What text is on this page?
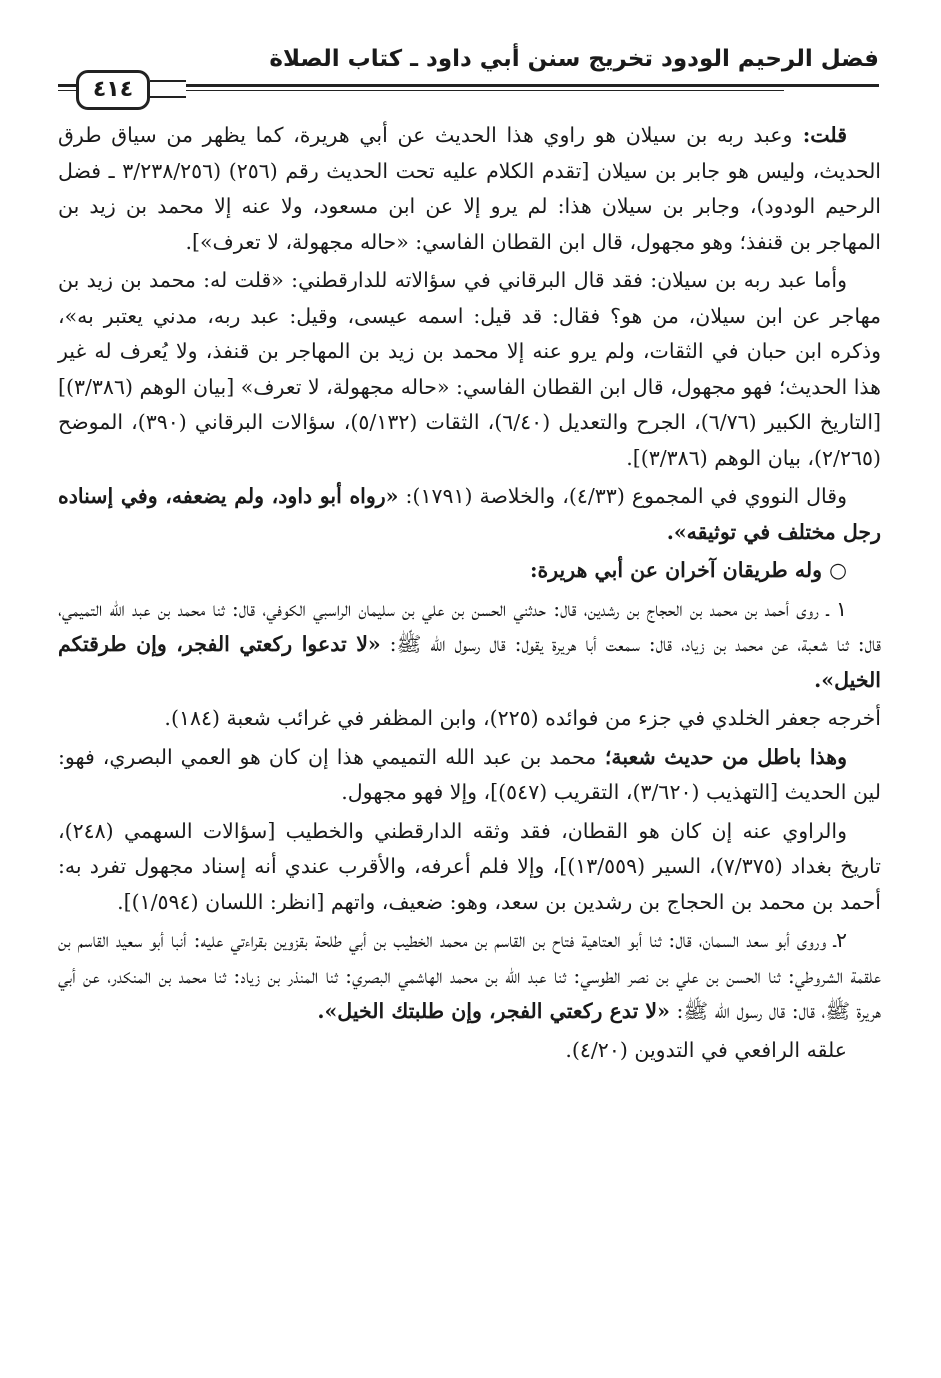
فضل الرحيم الودود تخريج سنن أبي داود ـ كتاب الصلاة
٤١٤

قلت: وعبد ربه بن سيلان هو راوي هذا الحديث عن أبي هريرة، كما يظهر من سياق طرق الحديث، وليس هو جابر بن سيلان [تقدم الكلام عليه تحت الحديث رقم (٢٥٦) (٣/٢٣٨/٢٥٦ ـ فضل الرحيم الودود)، وجابر بن سيلان هذا: لم يرو إلا عن ابن مسعود، ولا عنه إلا محمد بن زيد بن المهاجر بن قنفذ؛ وهو مجهول، قال ابن القطان الفاسي: «حاله مجهولة، لا تعرف»].

وأما عبد ربه بن سيلان: فقد قال البرقاني في سؤالاته للدارقطني: «قلت له: محمد بن زيد بن مهاجر عن ابن سيلان، من هو؟ فقال: قد قيل: اسمه عيسى، وقيل: عبد ربه، مدني يعتبر به»، وذكره ابن حبان في الثقات، ولم يرو عنه إلا محمد بن زيد بن المهاجر بن قنفذ، ولا يُعرف له غير هذا الحديث؛ فهو مجهول، قال ابن القطان الفاسي: «حاله مجهولة، لا تعرف» [بيان الوهم (٣/٣٨٦)] [التاريخ الكبير (٦/٧٦)، الجرح والتعديل (٦/٤٠)، الثقات (٥/١٣٢)، سؤالات البرقاني (٣٩٠)، الموضح (٢/٢٦٥)، بيان الوهم (٣/٣٨٦)].

وقال النووي في المجموع (٤/٣٣)، والخلاصة (١٧٩١): «رواه أبو داود، ولم يضعفه، وفي إسناده رجل مختلف في توثيقه».

○ وله طريقان آخران عن أبي هريرة:

١ ـ روى أحمد بن محمد بن الحجاج بن رشدين، قال: حدثني الحسن بن علي بن سليمان الراسبي الكوفي، قال: ثنا محمد بن عبد الله التميمي، قال: ثنا شعبة، عن محمد بن زياد، قال: سمعت أبا هريرة يقول: قال رسول الله ﷺ: «لا تدعوا ركعتي الفجر، وإن طرقتكم الخيل».

أخرجه جعفر الخلدي في جزء من فوائده (٢٢٥)، وابن المظفر في غرائب شعبة (١٨٤).

وهذا باطل من حديث شعبة؛ محمد بن عبد الله التميمي هذا إن كان هو العمي البصري، فهو: لين الحديث [التهذيب (٣/٦٢٠)، التقريب (٥٤٧)]، وإلا فهو مجهول.

والراوي عنه إن كان هو القطان، فقد وثقه الدارقطني والخطيب [سؤالات السهمي (٢٤٨)، تاريخ بغداد (٧/٣٧٥)، السير (١٣/٥٥٩)]، وإلا فلم أعرفه، والأقرب عندي أنه إسناد مجهول تفرد به: أحمد بن محمد بن الحجاج بن رشدين بن سعد، وهو: ضعيف، واتهم [انظر: اللسان (١/٥٩٤)].

٢ـ وروى أبو سعد السمان، قال: ثنا أبو العتاهية فتاح بن القاسم بن محمد الخطيب بن أبي طلحة بقزوين بقراءتي عليه: أنبا أبو سعيد القاسم بن علقمة الشروطي: ثنا الحسن بن علي بن نصر الطوسي: ثنا عبد الله بن محمد الهاشمي البصري: ثنا المنذر بن زياد: ثنا محمد بن المنكدر، عن أبي هريرة ﷺ، قال: قال رسول الله ﷺ: «لا تدع ركعتي الفجر، وإن طلبتك الخيل».

علقه الرافعي في التدوين (٤/٢٠).
